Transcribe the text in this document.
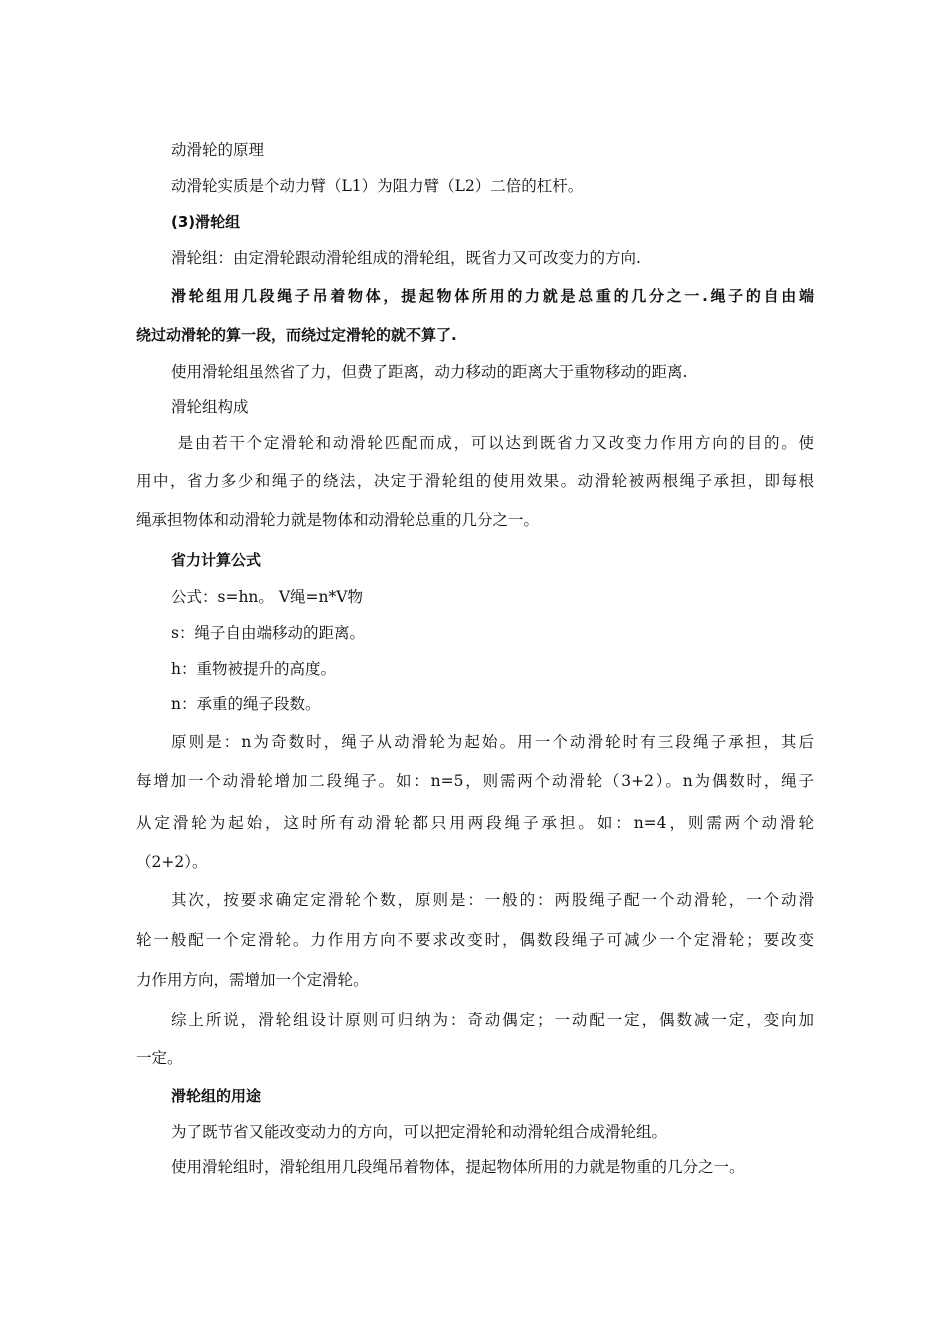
动滑轮的原理
动滑轮实质是个动力臂（L1）为阻力臂（L2）二倍的杠杆。
(3)滑轮组
滑轮组：由定滑轮跟动滑轮组成的滑轮组，既省力又可改变力的方向.
滑轮组用几段绳子吊着物体，提起物体所用的力就是总重的几分之一.绳子的自由端
绕过动滑轮的算一段，而绕过定滑轮的就不算了.
使用滑轮组虽然省了力，但费了距离，动力移动的距离大于重物移动的距离.
滑轮组构成
是由若干个定滑轮和动滑轮匹配而成，可以达到既省力又改变力作用方向的目的。使
用中，省力多少和绳子的绕法，决定于滑轮组的使用效果。动滑轮被两根绳子承担，即每根
绳承担物体和动滑轮力就是物体和动滑轮总重的几分之一。
省力计算公式
公式：s=hn。 V绳=n*V物
s：绳子自由端移动的距离。
h：重物被提升的高度。
n：承重的绳子段数。
原则是：n为奇数时，绳子从动滑轮为起始。用一个动滑轮时有三段绳子承担，其后
每增加一个动滑轮增加二段绳子。如：n=5，则需两个动滑轮（3+2）。n为偶数时，绳子
从定滑轮为起始，这时所有动滑轮都只用两段绳子承担。如：n=4，则需两个动滑轮
（2+2）。
其次，按要求确定定滑轮个数，原则是：一般的：两股绳子配一个动滑轮，一个动滑
轮一般配一个定滑轮。力作用方向不要求改变时，偶数段绳子可减少一个定滑轮；要改变
力作用方向，需增加一个定滑轮。
综上所说，滑轮组设计原则可归纳为：奇动偶定；一动配一定，偶数减一定，变向加
一定。
滑轮组的用途
为了既节省又能改变动力的方向，可以把定滑轮和动滑轮组合成滑轮组。
使用滑轮组时，滑轮组用几段绳吊着物体，提起物体所用的力就是物重的几分之一。
